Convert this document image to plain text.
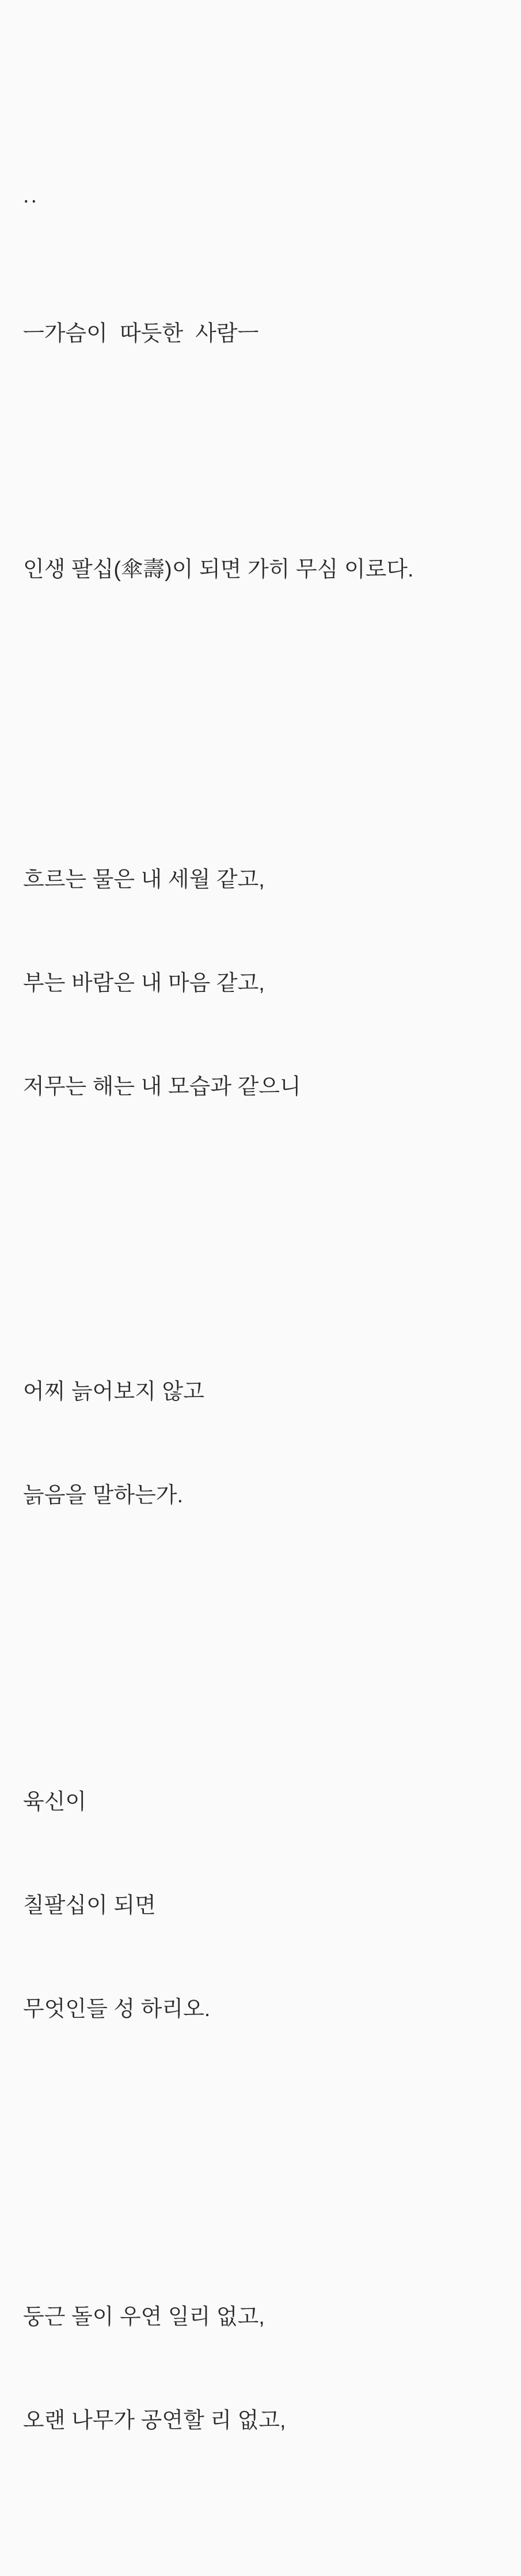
..

ㅡ가슴이  따듯한  사람ㅡ

인생 팔십(傘壽)이 되면 가히 무심 이로다.

흐르는 물은 내 세월 같고,

부는 바람은 내 마음 같고,

저무는 해는 내 모습과 같으니

어찌 늙어보지 않고

늙음을 말하는가.

육신이

칠팔십이 되면

무엇인들 성 하리오.

둥근 돌이 우연 일리 없고,

오랜 나무가 공연할 리 없고,
